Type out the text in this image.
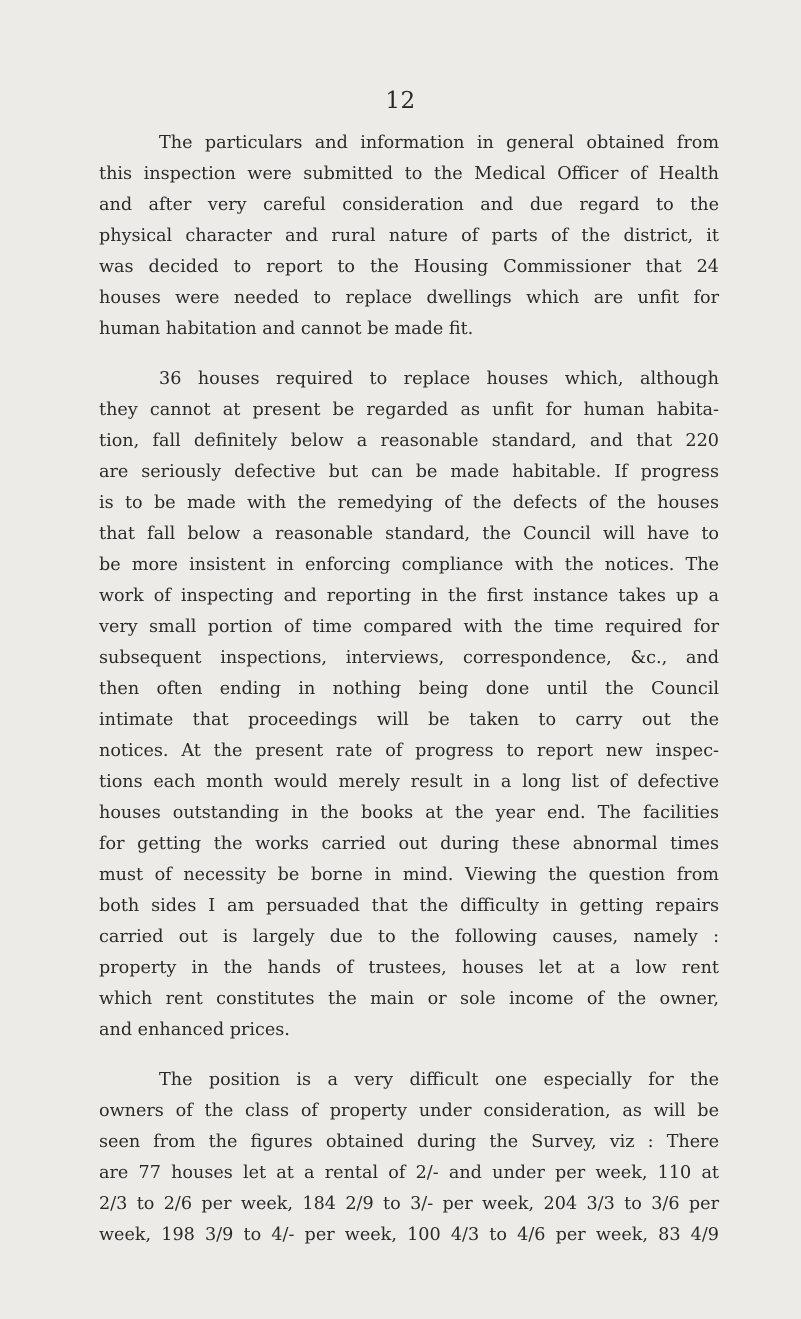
12
The particulars and information in general obtained from
this inspection were submitted to the Medical Officer of Health
and after very careful consideration and due regard to the
physical character and rural nature of parts of the district, it
was decided to report to the Housing Commissioner that 24
houses were needed to replace dwellings which are unfit for
human habitation and cannot be made fit.
36 houses required to replace houses which, although
they cannot at present be regarded as unfit for human habita-
tion, fall definitely below a reasonable standard, and that 220
are seriously defective but can be made habitable. If progress
is to be made with the remedying of the defects of the houses
that fall below a reasonable standard, the Council will have to
be more insistent in enforcing compliance with the notices. The
work of inspecting and reporting in the first instance takes up a
very small portion of time compared with the time required for
subsequent inspections, interviews, correspondence, &c., and
then often ending in nothing being done until the Council
intimate that proceedings will be taken to carry out the
notices. At the present rate of progress to report new inspec-
tions each month would merely result in a long list of defective
houses outstanding in the books at the year end. The facilities
for getting the works carried out during these abnormal times
must of necessity be borne in mind. Viewing the question from
both sides I am persuaded that the difficulty in getting repairs
carried out is largely due to the following causes, namely :
property in the hands of trustees, houses let at a low rent
which rent constitutes the main or sole income of the owner,
and enhanced prices.
The position is a very difficult one especially for the
owners of the class of property under consideration, as will be
seen from the figures obtained during the Survey, viz : There
are 77 houses let at a rental of 2/- and under per week, 110 at
2/3 to 2/6 per week, 184 2/9 to 3/- per week, 204 3/3 to 3/6 per
week, 198 3/9 to 4/- per week, 100 4/3 to 4/6 per week, 83 4/9
